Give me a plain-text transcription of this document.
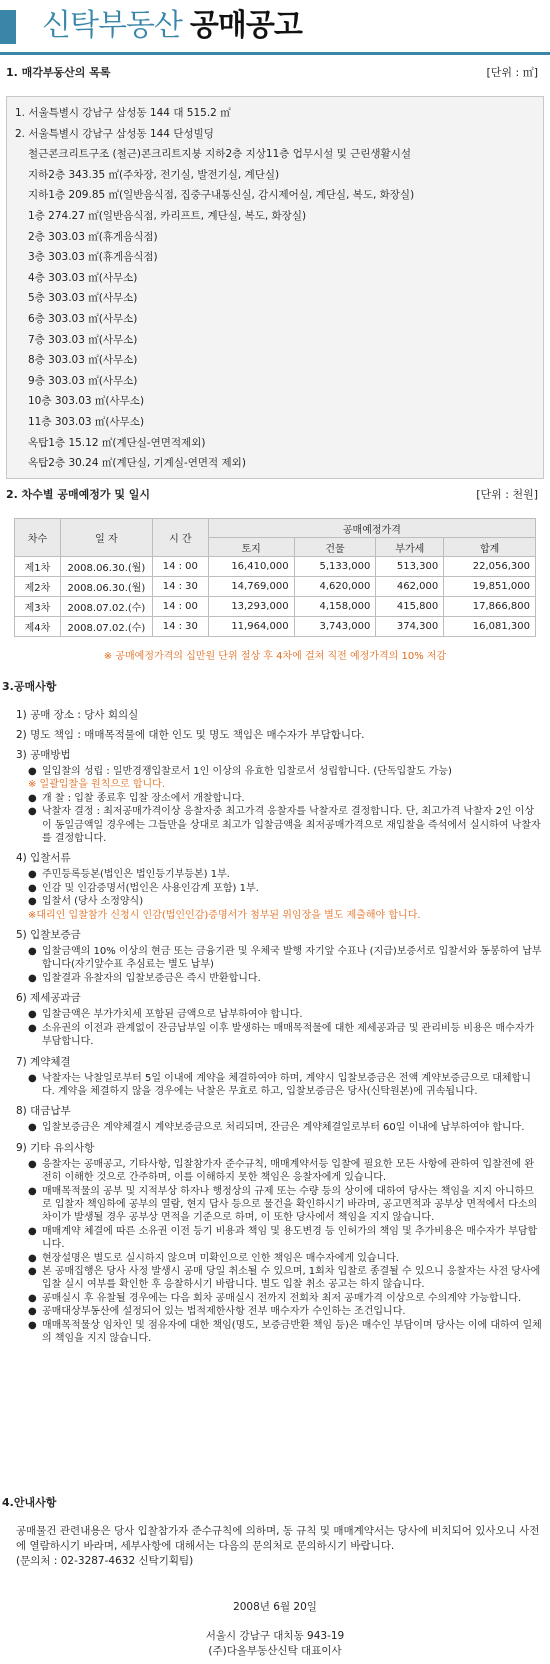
신탁부동산 공매공고
1. 매각부동산의 목록	[단위 : ㎡]
1. 서울특별시 강남구 삼성동 144 대 515.2 ㎡
2. 서울특별시 강남구 삼성동 144 단성빌딩
철근콘크리트구조 (철근)콘크리트지붕 지하2층 지상11층 업무시설 및 근린생활시설
지하2층 343.35 ㎡(주차장, 전기실, 발전기실, 계단실)
지하1층 209.85 ㎡(일반음식점, 집중구내통신실, 감시제어실, 계단실, 복도, 화장실)
1층 274.27 ㎡(일반음식점, 카리프트, 계단실, 복도, 화장실)
2층 303.03 ㎡(휴게음식점)
3층 303.03 ㎡(휴게음식점)
4층 303.03 ㎡(사무소)
5층 303.03 ㎡(사무소)
6층 303.03 ㎡(사무소)
7층 303.03 ㎡(사무소)
8층 303.03 ㎡(사무소)
9층 303.03 ㎡(사무소)
10층 303.03 ㎡(사무소)
11층 303.03 ㎡(사무소)
옥탑1층 15.12 ㎡(계단실-연면적제외)
옥탑2층 30.24 ㎡(계단실, 기계실-연면적 제외)
2. 차수별 공매예정가 및 일시	[단위 : 천원]
차수	일 자	시 간	공매예정가격			
			토지	건물	부가세	합계
제1차	2008.06.30.(월)	14 : 00	16,410,000	5,133,000	513,300	22,056,300
제2차	2008.06.30.(월)	14 : 30	14,769,000	4,620,000	462,000	19,851,000
제3차	2008.07.02.(수)	14 : 00	13,293,000	4,158,000	415,800	17,866,800
제4차	2008.07.02.(수)	14 : 30	11,964,000	3,743,000	374,300	16,081,300
※ 공매예정가격의 십만원 단위 절상 후 4차에 걸쳐 직전 예정가격의 10% 저감
3.공매사항
1) 공매 장소 : 당사 회의실
2) 명도 책임 : 매매목적물에 대한 인도 및 명도 책임은 매수자가 부담합니다.
3) 공매방법
● 일입찰의 성립 : 일반경쟁입찰로서 1인 이상의 유효한 입찰로서 성립합니다. (단독입찰도 가능)
※ 일괄입찰을 원칙으로 합니다.
● 개 찰 : 입찰 종료후 입찰 장소에서 개찰합니다.
● 낙찰자 결정 : 최저공매가격이상 응찰자중 최고가격 응찰자를 낙찰자로 결정합니다. 단, 최고가격 낙찰자 2인 이상이 동일금액일 경우에는 그들만을 상대로 최고가 입찰금액을 최저공매가격으로 재입찰을 즉석에서 실시하여 낙찰자를 결정합니다.
4) 입찰서류
● 주민등록등본(법인은 법인등기부등본) 1부.
● 인감 및 인감증명서(법인은 사용인감계 포함) 1부.
● 입찰서 (당사 소정양식)
※대리인 입찰참가 신청시 인감(법인인감)증명서가 첨부된 위임장을 별도 제출해야 합니다.
5) 입찰보증금
● 입찰금액의 10% 이상의 현금 또는 금융기관 및 우체국 발행 자기앞 수표나 (지급)보증서로 입찰서와 동봉하여 납부합니다(자기앞수표 추심료는 별도 납부)
● 입찰결과 유찰자의 입찰보증금은 즉시 반환합니다.
6) 제세공과금
● 입찰금액은 부가가치세 포함된 금액으로 납부하여야 합니다.
● 소유권의 이전과 관계없이 잔금납부일 이후 발생하는 매매목적물에 대한 제세공과금 및 관리비등 비용은 매수자가 부담합니다.
7) 계약체결
● 낙찰자는 낙찰일로부터 5일 이내에 계약을 체결하여야 하며, 계약시 입찰보증금은 전액 계약보증금으로 대체합니다. 계약을 체결하지 않을 경우에는 낙찰은 무효로 하고, 입찰보증금은 당사(신탁원본)에 귀속됩니다.
8) 대금납부
● 입찰보증금은 계약체결시 계약보증금으로 처리되며, 잔금은 계약체결일로부터 60일 이내에 납부하여야 합니다.
9) 기타 유의사항
● 응찰자는 공매공고, 기타사항, 입찰참가자 준수규칙, 매매계약서등 입찰에 필요한 모든 사항에 관하여 입찰전에 완전히 이해한 것으로 간주하며, 이를 이해하지 못한 책임은 응찰자에게 있습니다.
● 매매목적물의 공부 및 지적부상 하자나 행정상의 규제 또는 수량 등의 상이에 대하여 당사는 책임을 지지 아니하므로 입찰자 책임하에 공부의 열람, 현지 답사 등으로 물건을 확인하시기 바라며, 공고면적과 공부상 면적에서 다소의 차이가 발생될 경우 공부상 면적을 기준으로 하며, 이 또한 당사에서 책임을 지지 않습니다.
● 매매계약 체결에 따른 소유권 이전 등기 비용과 책임 및 용도변경 등 인허가의 책임 및 추가비용은 매수자가 부담합니다.
● 현장설명은 별도로 실시하지 않으며 미확인으로 인한 책임은 매수자에게 있습니다.
● 본 공매집행은 당사 사정 발생시 공매 당일 취소될 수 있으며, 1회차 입찰로 종결될 수 있으니 응찰자는 사전 당사에 입찰 실시 여부를 확인한 후 응찰하시기 바랍니다. 별도 입찰 취소 공고는 하지 않습니다.
● 공매실시 후 유찰될 경우에는 다음 회차 공매실시 전까지 전회차 최저 공매가격 이상으로 수의계약 가능합니다.
● 공매대상부동산에 설정되어 있는 법적제한사항 전부 매수자가 수인하는 조건입니다.
● 매매목적물상 임차인 및 점유자에 대한 책임(명도, 보증금반환 책임 등)은 매수인 부담이며 당사는 이에 대하여 일체의 책임을 지지 않습니다.
4.안내사항
공매물건 관련내용은 당사 입찰참가자 준수규칙에 의하며, 동 규칙 및 매매계약서는 당사에 비치되어 있사오니 사전에 열람하시기 바라며, 세부사항에 대해서는 다음의 문의처로 문의하시기 바랍니다.
(문의처 : 02-3287-4632 신탁기획팀)
2008년 6월 20일
서울시 강남구 대치동 943-19
(주)다올부동산신탁 대표이사
